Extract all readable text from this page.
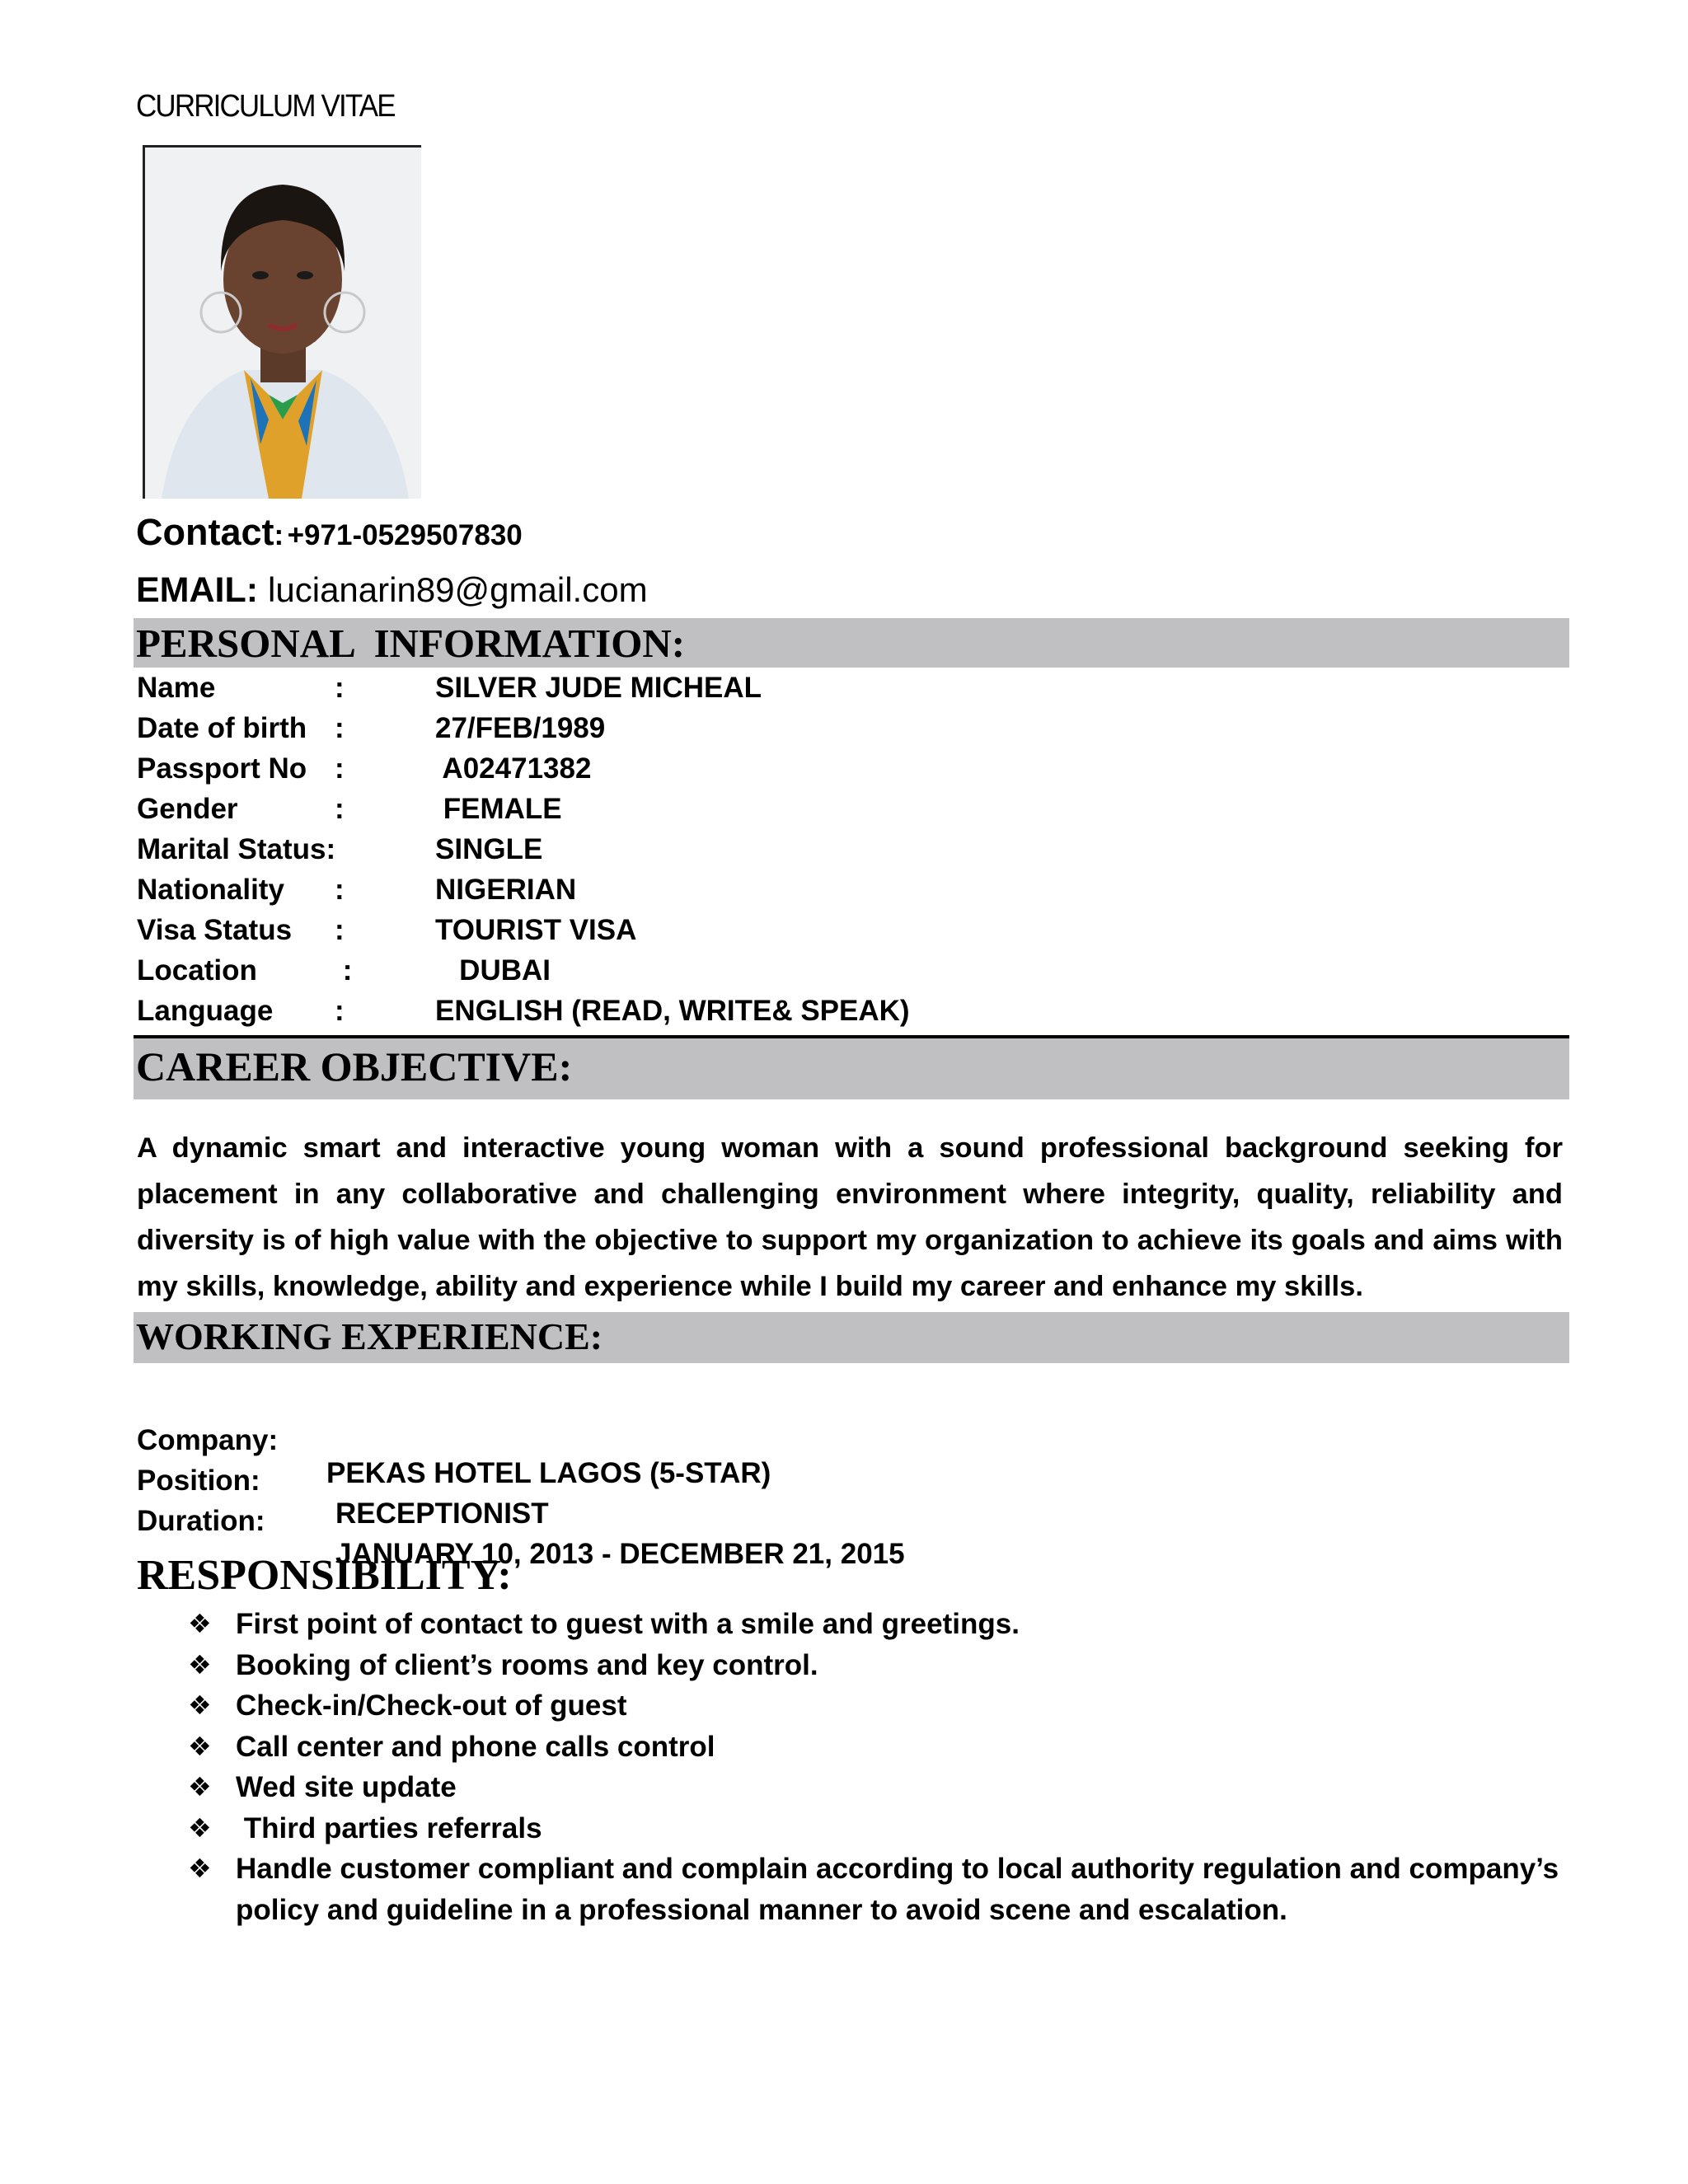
CURRICULUM VITAE
Contact: +971-0529507830
EMAIL: lucianarin89@gmail.com
PERSONAL  INFORMATION:
Name	:	SILVER JUDE MICHEAL
Date of birth :	27/FEB/1989
Passport No :	A02471382
Gender	:	FEMALE
Marital Status:	SINGLE
Nationality :	NIGERIAN
Visa Status :	TOURIST VISA
Location	:	DUBAI
Language :	ENGLISH (READ, WRITE& SPEAK)
CAREER OBJECTIVE:
A dynamic smart and interactive young woman with a sound professional background seeking for placement in any collaborative and challenging environment where integrity, quality, reliability and diversity is of high value with the objective to support my organization to achieve its goals and aims with my skills, knowledge, ability and experience while I build my career and enhance my skills.
WORKING EXPERIENCE:

Company:

PEKAS HOTEL LAGOS (5-STAR)

Position:

RECEPTIONIST

Duration:

JANUARY 10, 2013 - DECEMBER 21, 2015

RESPONSIBILITY:
❖ First point of contact to guest with a smile and greetings.
❖ Booking of client’s rooms and key control.
❖ Check-in/Check-out of guest
❖ Call center and phone calls control
❖ Wed site update
❖ Third parties referrals
❖ Handle customer compliant and complain according to local authority regulation and company’s policy and guideline in a professional manner to avoid scene and escalation.
